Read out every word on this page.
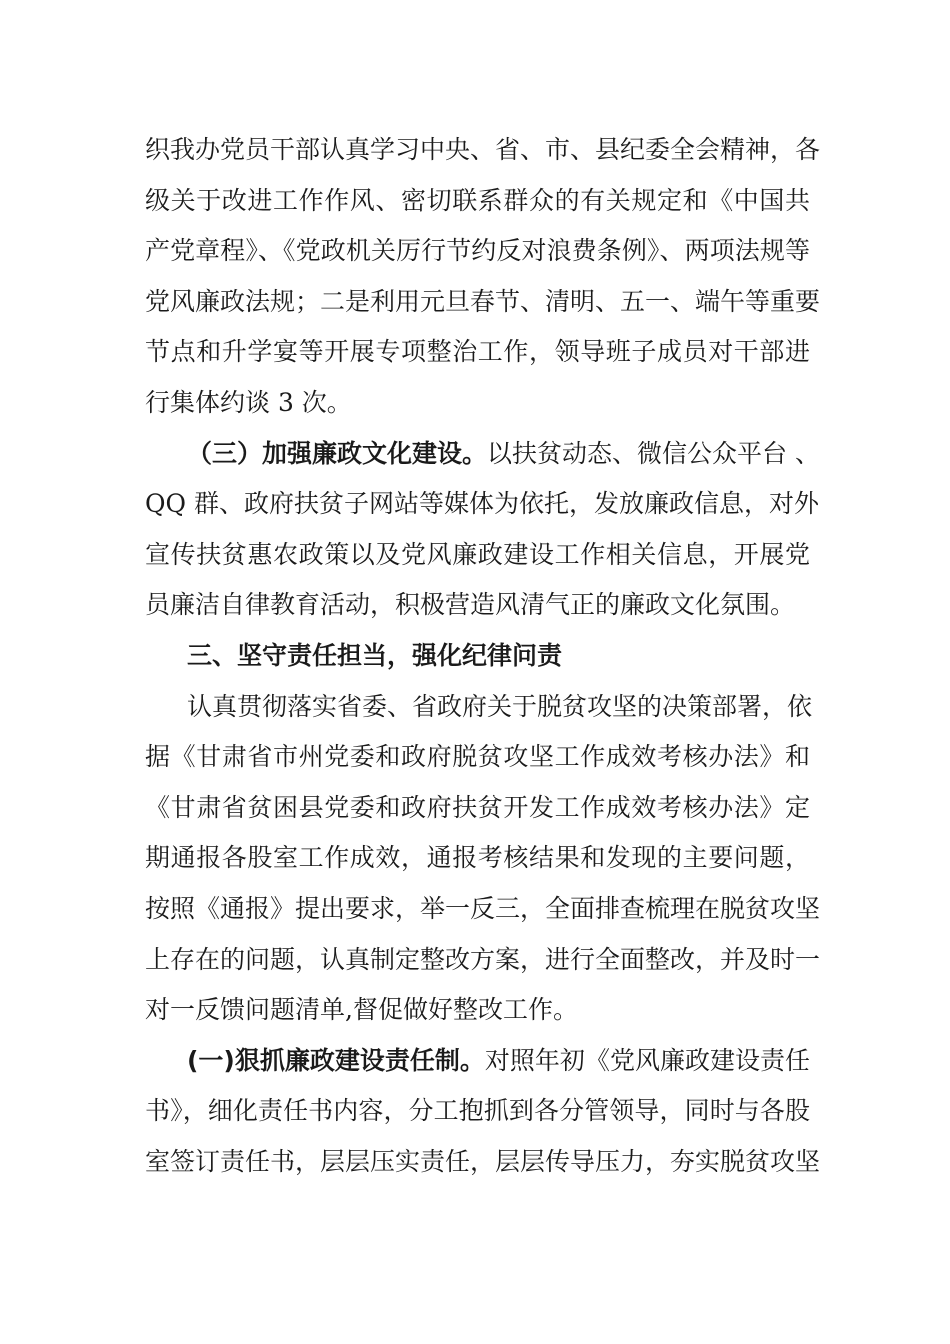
织我办党员干部认真学习中央、省、市、县纪委全会精神，各
级关于改进工作作风、密切联系群众的有关规定和《中国共
产党章程》、《党政机关厉行节约反对浪费条例》、两项法规等
党风廉政法规；二是利用元旦春节、清明、五一、端午等重要
节点和升学宴等开展专项整治工作，领导班子成员对干部进
行集体约谈 3 次。
（三）加强廉政文化建设。以扶贫动态、微信公众平台 、
QQ 群、政府扶贫子网站等媒体为依托，发放廉政信息，对外
宣传扶贫惠农政策以及党风廉政建设工作相关信息，开展党
员廉洁自律教育活动，积极营造风清气正的廉政文化氛围。
三、坚守责任担当，强化纪律问责
认真贯彻落实省委、省政府关于脱贫攻坚的决策部署，依
据《甘肃省市州党委和政府脱贫攻坚工作成效考核办法》和
《甘肃省贫困县党委和政府扶贫开发工作成效考核办法》定
期通报各股室工作成效，通报考核结果和发现的主要问题，
按照《通报》提出要求，举一反三，全面排查梳理在脱贫攻坚
上存在的问题，认真制定整改方案，进行全面整改，并及时一
对一反馈问题清单,督促做好整改工作。
(一)狠抓廉政建设责任制。对照年初《党风廉政建设责任
书》，细化责任书内容，分工抱抓到各分管领导，同时与各股
室签订责任书，层层压实责任，层层传导压力，夯实脱贫攻坚
